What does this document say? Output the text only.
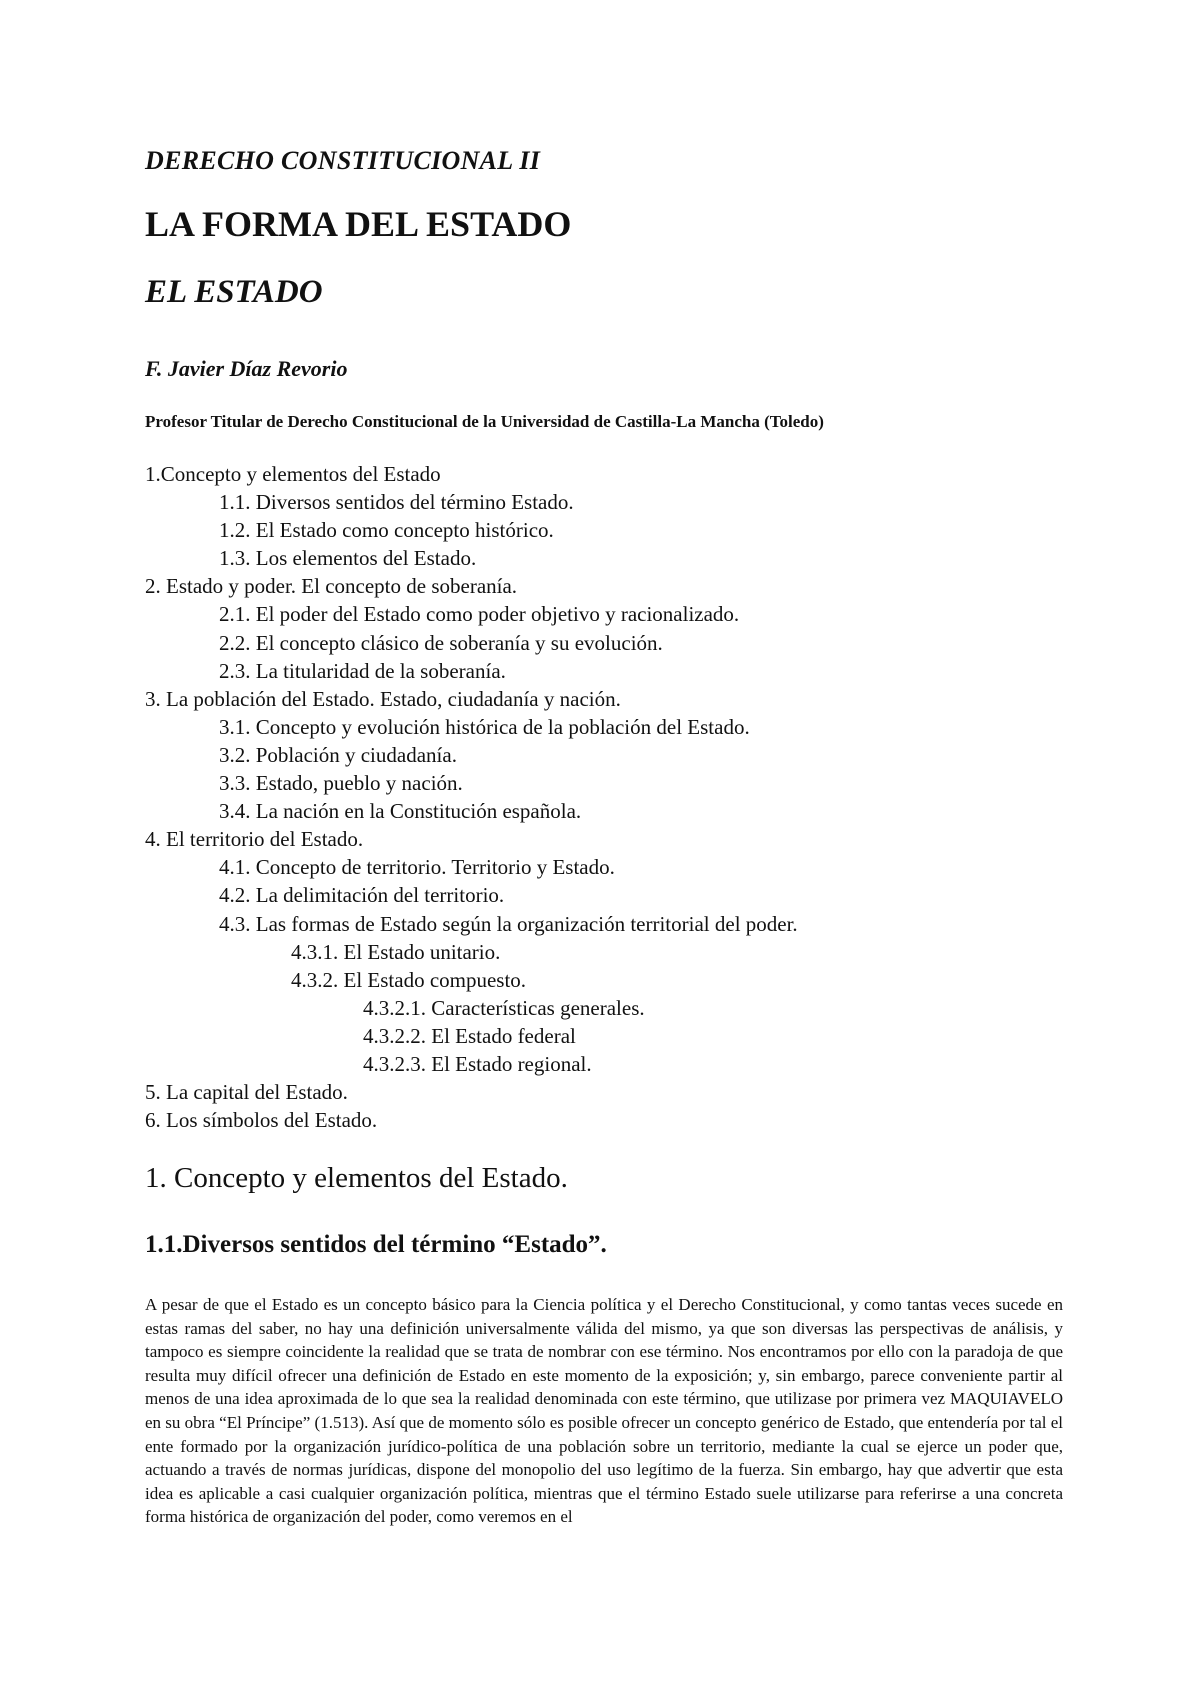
DERECHO CONSTITUCIONAL II
LA FORMA DEL ESTADO
EL ESTADO
F. Javier Díaz Revorio
Profesor Titular de Derecho Constitucional de la Universidad de Castilla-La Mancha (Toledo)
1.Concepto y elementos del Estado
1.1. Diversos sentidos del término Estado.
1.2. El Estado como concepto histórico.
1.3. Los elementos del Estado.
2. Estado y poder. El concepto de soberanía.
2.1. El poder del Estado como poder objetivo y racionalizado.
2.2. El concepto clásico de soberanía y su evolución.
2.3. La titularidad de la soberanía.
3. La población del Estado. Estado, ciudadanía y nación.
3.1. Concepto y evolución histórica de la población del Estado.
3.2. Población y ciudadanía.
3.3. Estado, pueblo y nación.
3.4. La nación en la Constitución española.
4. El territorio del Estado.
4.1. Concepto de territorio. Territorio y Estado.
4.2. La delimitación del territorio.
4.3. Las formas de Estado según la organización territorial del poder.
4.3.1. El Estado unitario.
4.3.2. El Estado compuesto.
4.3.2.1. Características generales.
4.3.2.2. El Estado federal
4.3.2.3. El Estado regional.
5. La capital del Estado.
6. Los símbolos del Estado.
1. Concepto y elementos del Estado.
1.1.Diversos sentidos del término “Estado”.

A pesar de que el Estado es un concepto básico para la Ciencia política y el Derecho Constitucional, y como tantas veces sucede en estas ramas del saber, no hay una definición universalmente válida del mismo, ya que son diversas las perspectivas de análisis, y tampoco es siempre coincidente la realidad que se trata de nombrar con ese término. Nos encontramos por ello con la paradoja de que resulta muy difícil ofrecer una definición de Estado en este momento de la exposición; y, sin embargo, parece conveniente partir al menos de una idea aproximada de lo que sea la realidad denominada con este término, que utilizase por primera vez MAQUIAVELO en su obra “El Príncipe” (1.513). Así que de momento sólo es posible ofrecer un concepto genérico de Estado, que entendería por tal el ente formado por la organización jurídico-política de una población sobre un territorio, mediante la cual se ejerce un poder que, actuando a través de normas jurídicas, dispone del monopolio del uso legítimo de la fuerza. Sin embargo, hay que advertir que esta idea es aplicable a casi cualquier organización política, mientras que el término Estado suele utilizarse para referirse a una concreta forma histórica de organización del poder, como veremos en el
